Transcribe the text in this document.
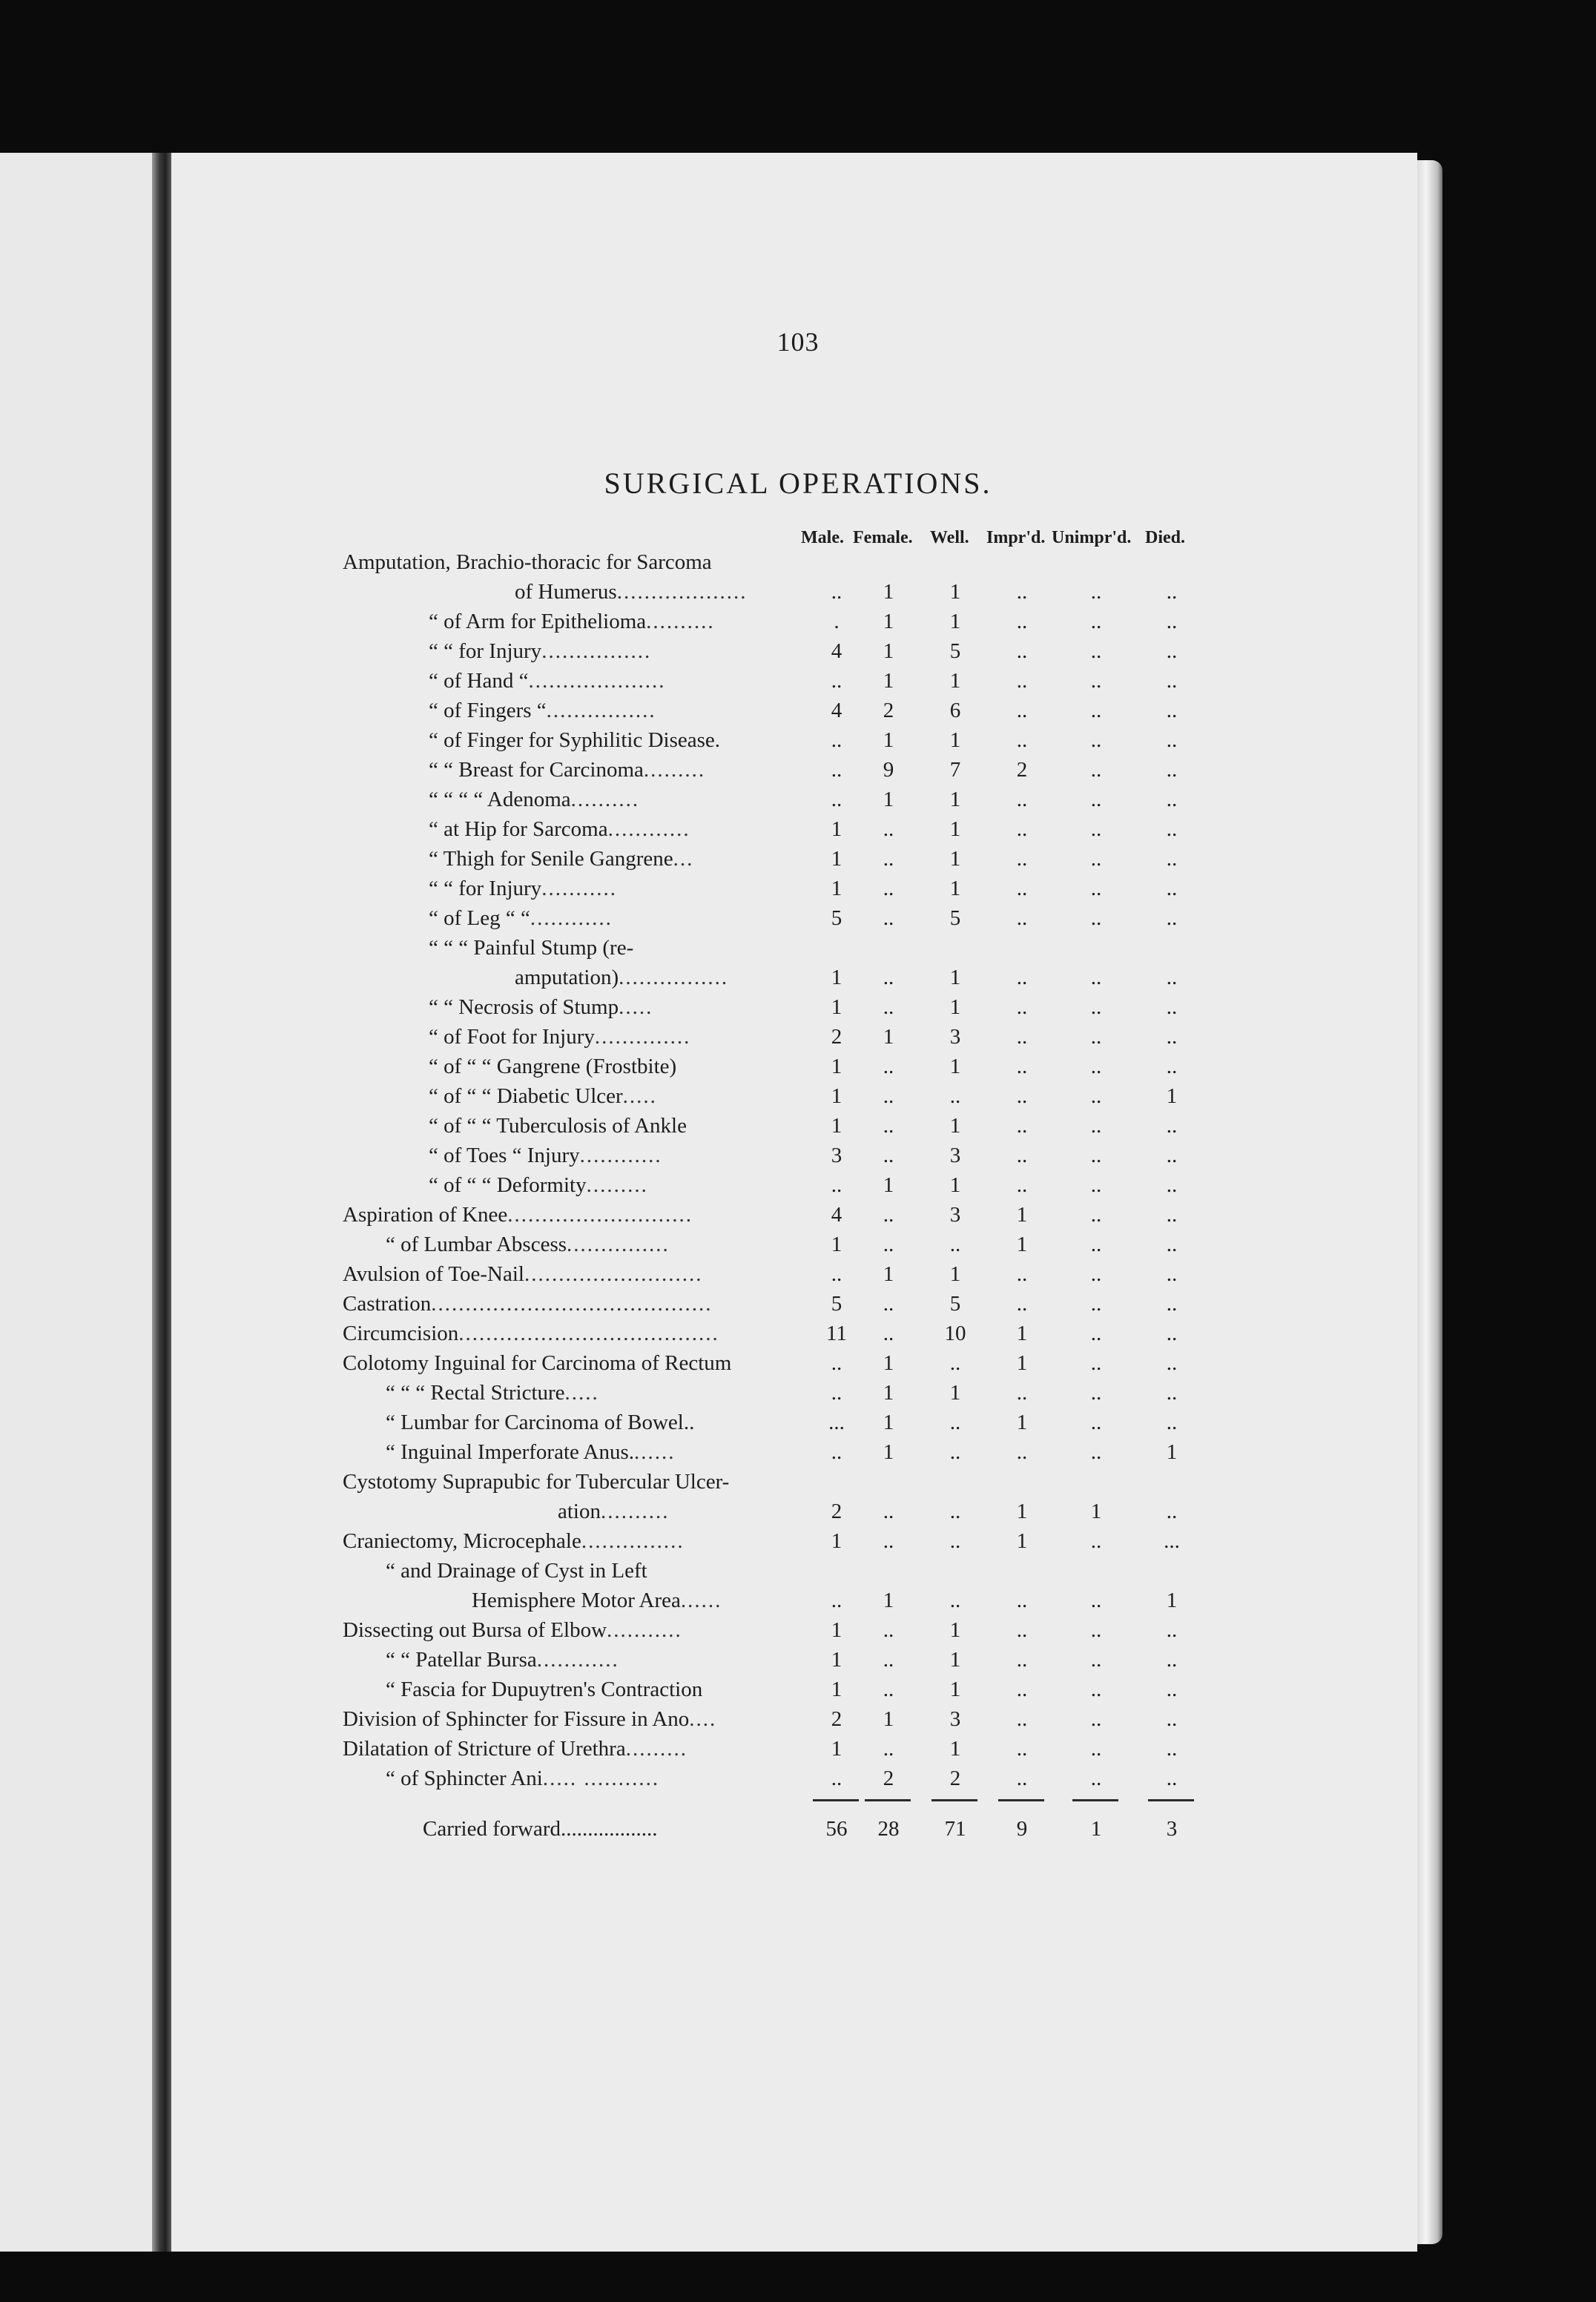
103
SURGICAL OPERATIONS.
Male. Female. Well. Impr'd. Unimpr'd. Died.
Amputation, Brachio-thoracic for Sarcoma
of Humerus...................	..	1	1	..	..	..
“ of Arm for Epithelioma..........	.	1	1	..	..	..
“ “ for Injury................	4	1	5	..	..	..
“ of Hand “....................	..	1	1	..	..	..
“ of Fingers “................	4	2	6	..	..	..
“ of Finger for Syphilitic Disease.	..	1	1	..	..	..
“ “ Breast for Carcinoma.........	..	9	7	2	..	..
“ “ “ “ Adenoma..........	..	1	1	..	..	..
“ at Hip for Sarcoma............	1	..	1	..	..	..
“ Thigh for Senile Gangrene...	1	..	1	..	..	..
“ “ for Injury...........	1	..	1	..	..	..
“ of Leg “ “............	5	..	5	..	..	..
“ “ “ Painful Stump (re-
amputation)................	1	..	1	..	..	..
“ “ Necrosis of Stump.....	1	..	1	..	..	..
“ of Foot for Injury..............	2	1	3	..	..	..
“ of “ “ Gangrene (Frostbite)	1	..	1	..	..	..
“ of “ “ Diabetic Ulcer.....	1	..	..	..	..	1
“ of “ “ Tuberculosis of Ankle	1	..	1	..	..	..
“ of Toes “ Injury............	3	..	3	..	..	..
“ of “ “ Deformity.........	..	1	1	..	..	..
Aspiration of Knee...........................	4	..	3	1	..	..
“ of Lumbar Abscess...............	1	..	..	1	..	..
Avulsion of Toe-Nail..........................	..	1	1	..	..	..
Castration.........................................	5	..	5	..	..	..
Circumcision......................................	11	..	10	1	..	..
Colotomy Inguinal for Carcinoma of Rectum	..	1	..	1	..	..
“ “ “ Rectal Stricture.....	..	1	1	..	..	..
“ Lumbar for Carcinoma of Bowel..	...	1	..	1	..	..
“ Inguinal Imperforate Anus.......	..	1	..	..	..	1
Cystotomy Suprapubic for Tubercular Ulcer-
ation..........	2	..	..	1	1	..
Craniectomy, Microcephale...............	1	..	..	1	..	...
“ and Drainage of Cyst in Left
Hemisphere Motor Area......	..	1	..	..	..	1
Dissecting out Bursa of Elbow...........	1	..	1	..	..	..
“ “ Patellar Bursa............	1	..	1	..	..	..
“ Fascia for Dupuytren's Contraction	1	..	1	..	..	..
Division of Sphincter for Fissure in Ano....	2	1	3	..	..	..
Dilatation of Stricture of Urethra.........	1	..	1	..	..	..
“ of Sphincter Ani..... ...........	..	2	2	..	..	..
Carried forward..................	56	28	71	9	1	3
